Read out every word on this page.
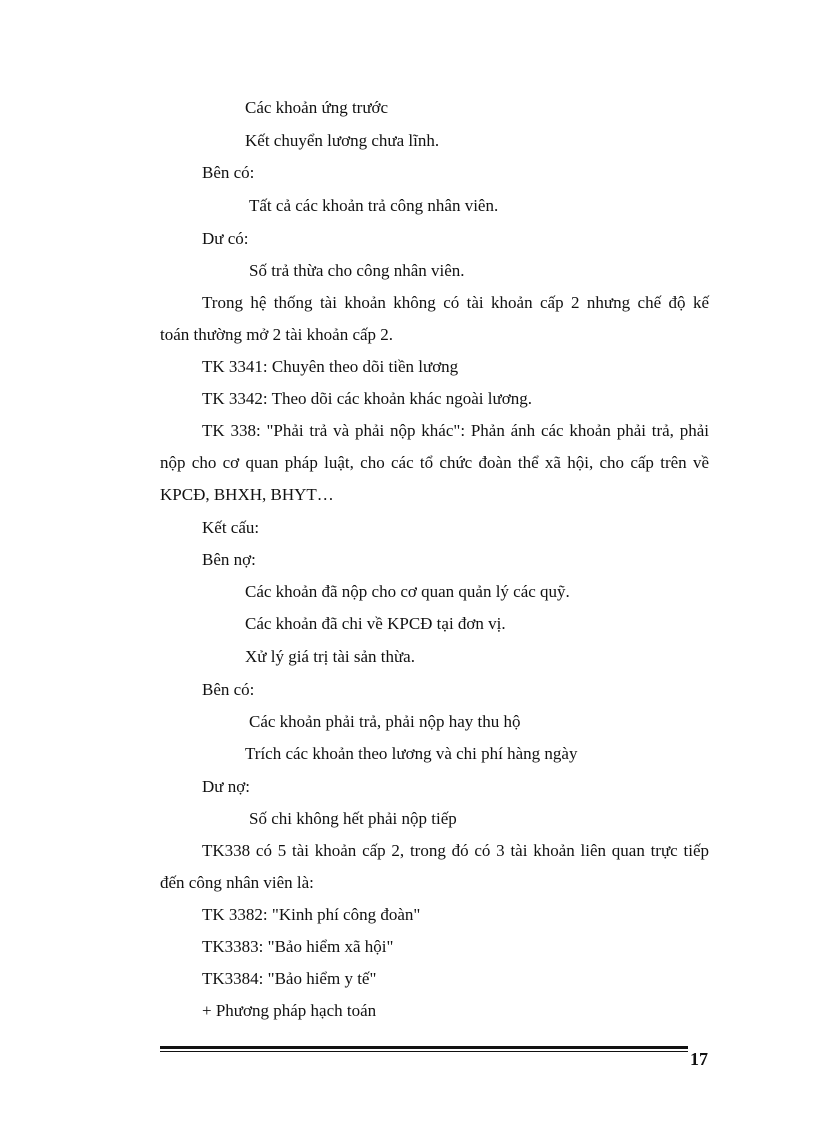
Các khoản ứng trước
Kết chuyển lương chưa lĩnh.
Bên có:
Tất cả các khoản trả công nhân viên.
Dư có:
Số trả thừa cho công nhân viên.
Trong hệ thống tài khoản không có tài khoản cấp 2 nhưng chế độ kế
toán thường mở 2 tài khoản cấp 2.
TK 3341: Chuyên theo dõi tiền lương
TK 3342: Theo dõi các khoản khác ngoài lương.
TK 338: "Phải trả và phải nộp khác": Phản ánh các khoản phải trả, phải
nộp cho cơ quan pháp luật, cho các tổ chức đoàn thể xã hội, cho cấp trên về
KPCĐ, BHXH, BHYT…
Kết cấu:
Bên nợ:
Các khoản đã nộp cho cơ quan quản lý các quỹ.
Các khoản đã chi về KPCĐ tại đơn vị.
Xử lý giá trị tài sản thừa.
Bên có:
Các khoản phải trả, phải nộp hay thu hộ
Trích các khoản theo lương và chi phí hàng ngày
Dư nợ:
Số chi không hết phải nộp tiếp
TK338 có 5 tài khoản cấp 2, trong đó có 3 tài khoản liên quan trực tiếp
đến công nhân viên là:
TK 3382: "Kinh phí công đoàn"
TK3383: "Bảo hiểm xã hội"
TK3384: "Bảo hiểm y tế"
+ Phương pháp hạch toán
17
